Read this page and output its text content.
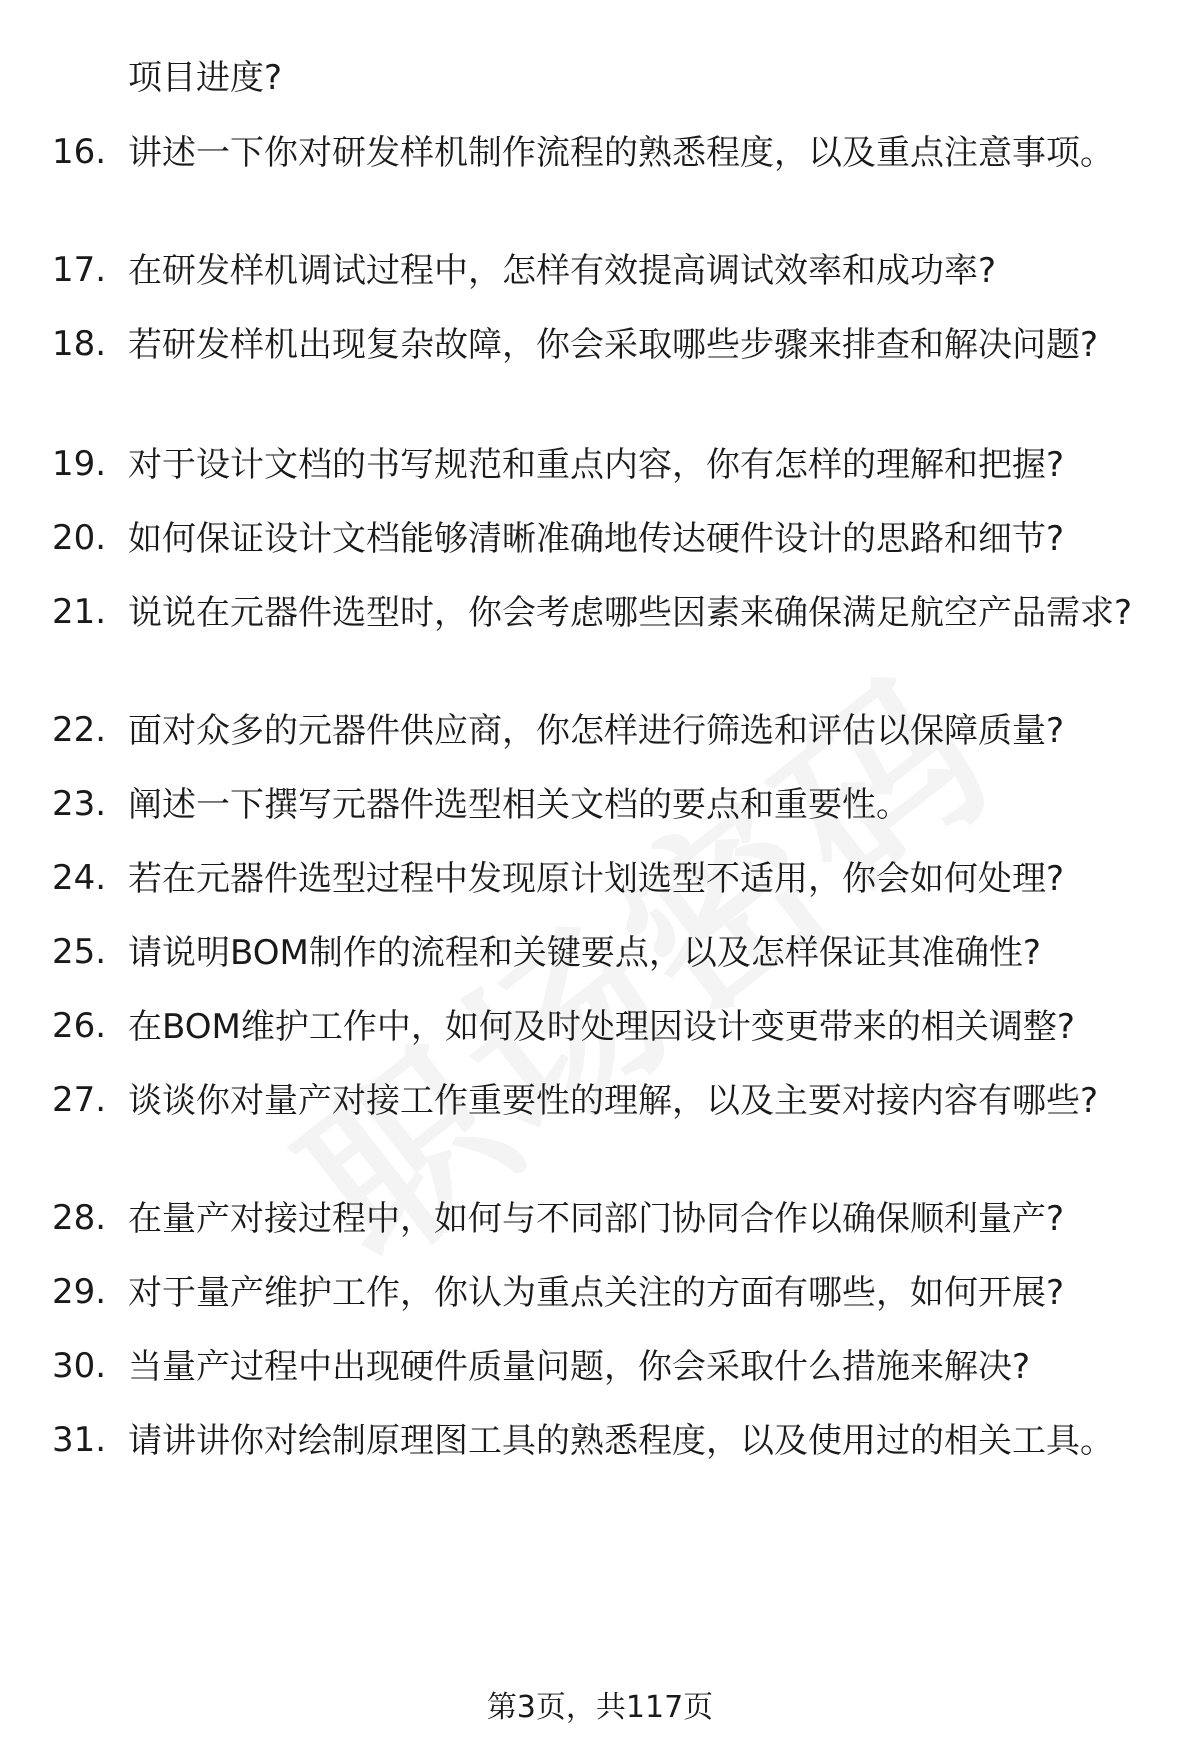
项目进度?
16. 讲述一下你对研发样机制作流程的熟悉程度，以及重点注意事项。
17. 在研发样机调试过程中，怎样有效提高调试效率和成功率?
18. 若研发样机出现复杂故障，你会采取哪些步骤来排查和解决问题?
19. 对于设计文档的书写规范和重点内容，你有怎样的理解和把握?
20. 如何保证设计文档能够清晰准确地传达硬件设计的思路和细节?
21. 说说在元器件选型时，你会考虑哪些因素来确保满足航空产品需求?
22. 面对众多的元器件供应商，你怎样进行筛选和评估以保障质量?
23. 阐述一下撰写元器件选型相关文档的要点和重要性。
24. 若在元器件选型过程中发现原计划选型不适用，你会如何处理?
25. 请说明BOM制作的流程和关键要点，以及怎样保证其准确性?
26. 在BOM维护工作中，如何及时处理因设计变更带来的相关调整?
27. 谈谈你对量产对接工作重要性的理解，以及主要对接内容有哪些?
28. 在量产对接过程中，如何与不同部门协同合作以确保顺利量产?
29. 对于量产维护工作，你认为重点关注的方面有哪些，如何开展?
30. 当量产过程中出现硬件质量问题，你会采取什么措施来解决?
31. 请讲讲你对绘制原理图工具的熟悉程度，以及使用过的相关工具。
第3页，共117页
